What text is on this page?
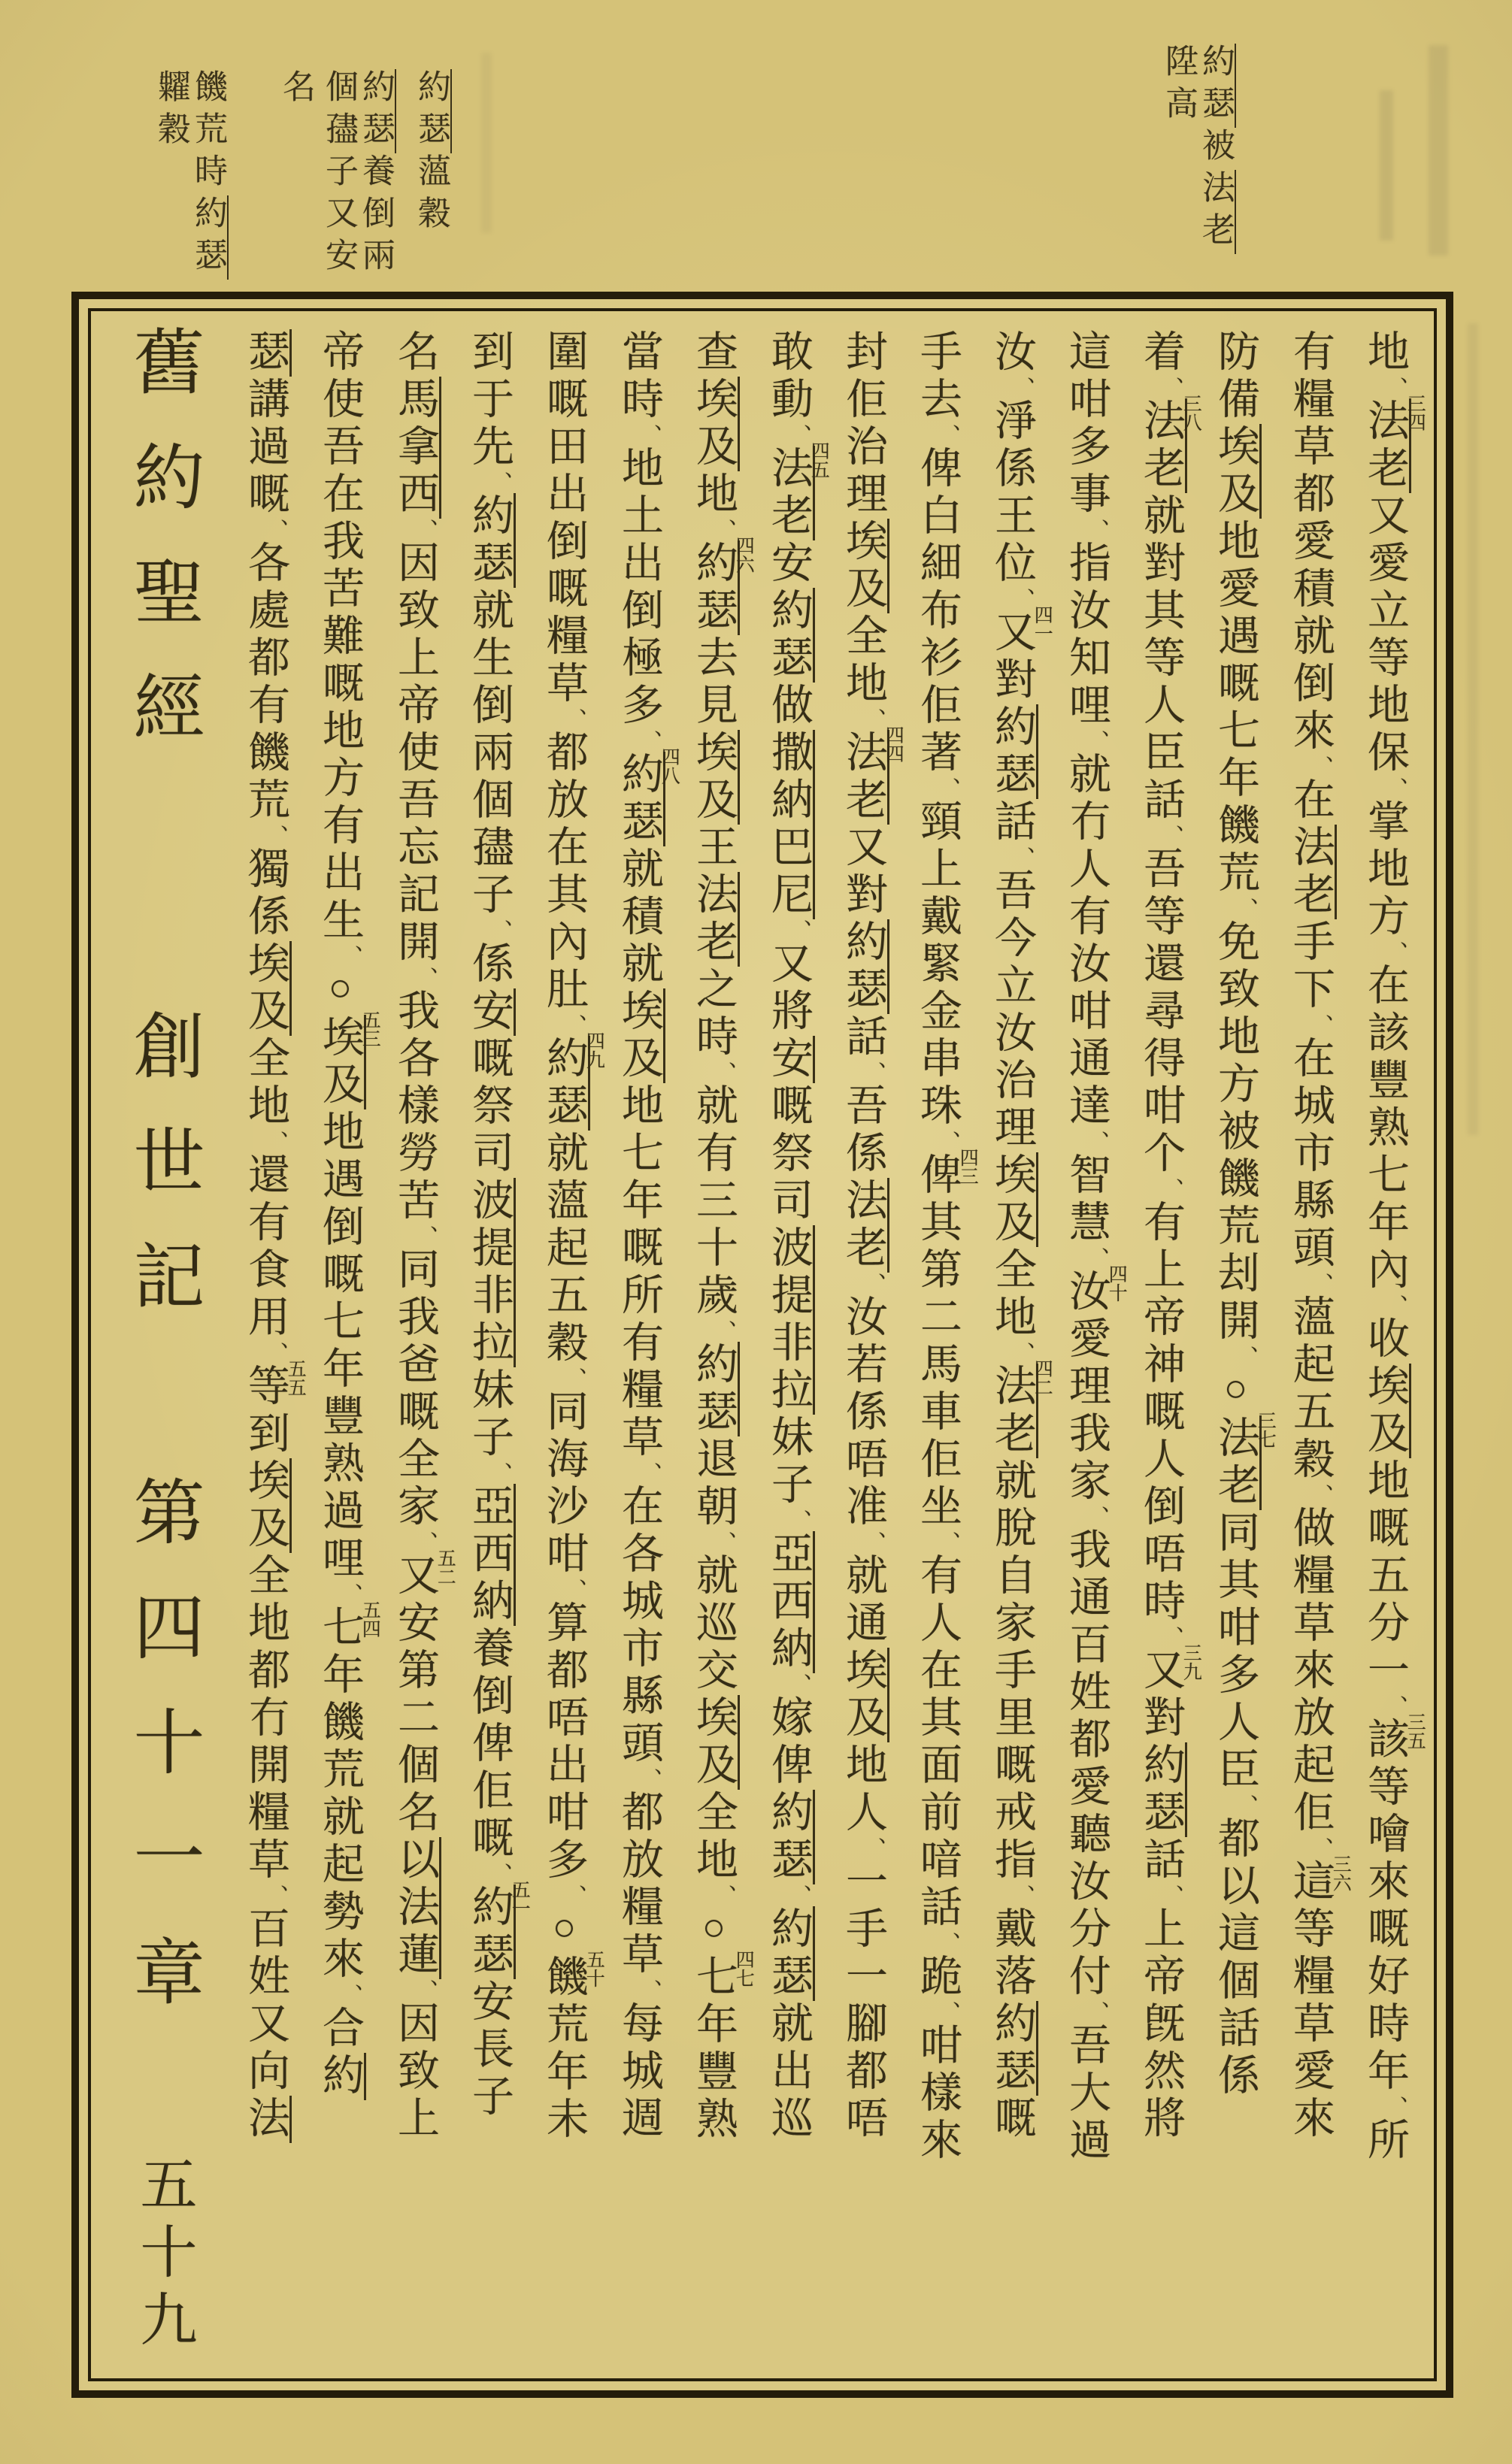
約瑟被法老
陞高
約瑟薀穀
約瑟養倒兩
個孻子又安
名
饑荒時約瑟
糶穀
地、
三四
法老又愛立等地保、掌地方、在該豐熟七年內、收埃及地嘅五分一、
三五
該等噲來嘅好時年、所
有糧草都愛積就倒來、在法老手下、在城市縣頭、薀起五穀、做糧草來放起佢、
三六
這等糧草愛來
防備埃及地愛遇嘅七年饑荒、免致地方被饑荒刦開、○
三七
法老同其咁多人臣、都以這個話係
着、
三八
法老就對其等人臣話、吾等還尋得咁个、有上帝神嘅人倒唔時、
三九
又對約瑟話、上帝旣然將
這咁多事、指汝知哩、就冇人有汝咁通達、智慧、
四十
汝愛理我家、我通百姓都愛聽汝分付、吾大過
汝、淨係王位、
四一
又對約瑟話、吾今立汝治理埃及全地、
四二
法老就脫自家手里嘅戒指、戴落約瑟嘅
手去、俾白細布衫佢著、頸上戴緊金串珠、
四三
俾其第二馬車佢坐、有人在其面前喑話、跪、咁樣來
封佢治理埃及全地、
四四
法老又對約瑟話、吾係法老、汝若係唔准、就通埃及地人、一手一腳都唔
敢動、
四五
法老安約瑟做撒納巴尼、又將安嘅祭司波提非拉妹子、亞西納、嫁俾約瑟、約瑟就出巡
查埃及地、
四六
約瑟去見埃及王法老之時、就有三十歲、約瑟退朝、就巡交埃及全地、○
四七
七年豐熟
當時、地土出倒極多、
四八
約瑟就積就埃及地七年嘅所有糧草、在各城市縣頭、都放糧草、每城週
圍嘅田出倒嘅糧草、都放在其內肚、
四九
約瑟就薀起五穀、同海沙咁、算都唔出咁多、○
五十
饑荒年未
到于先、約瑟就生倒兩個孻子、係安嘅祭司波提非拉妹子、亞西納養倒俾佢嘅、
五一
約瑟安長子
名馬拿西、因致上帝使吾忘記開、我各樣勞苦、同我爸嘅全家、
五二
又安第二個名以法蓮、因致上
帝使吾在我苦難嘅地方有出生、○
五三
埃及地遇倒嘅七年豐熟過哩、
五四
七年饑荒就起勢來、合約
瑟講過嘅、各處都有饑荒、獨係埃及全地、還有食用、
五五
等到埃及全地都冇開糧草、百姓又向法
舊約聖經
創世記
第四十一章
五十九
